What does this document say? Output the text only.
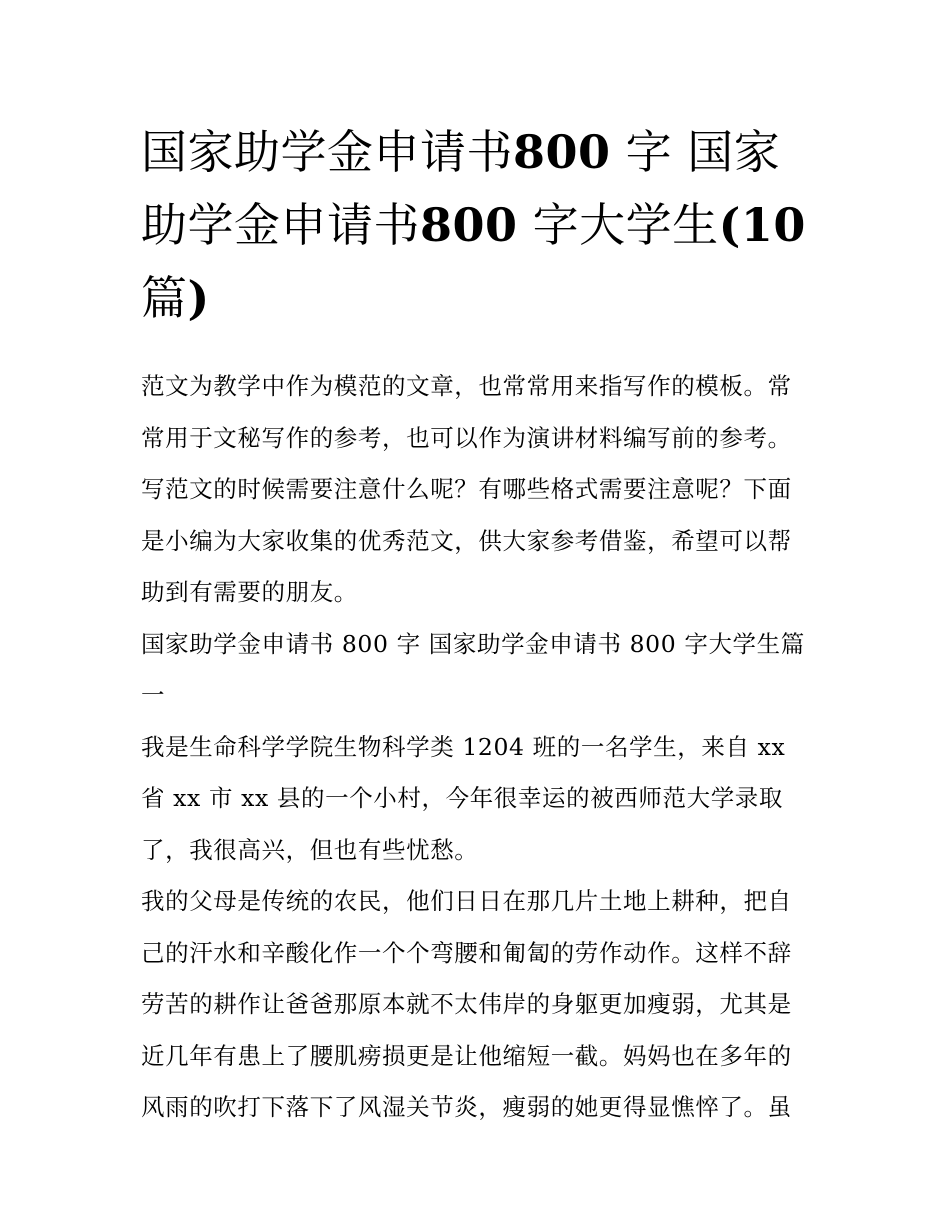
国家助学金申请书800 字 国家助学金申请书800 字大学生(10
篇)

范文为教学中作为模范的文章，也常常用来指写作的模板。常常用于文秘写作的参考，也可以作为演讲材料编写前的参考。写范文的时候需要注意什么呢？有哪些格式需要注意呢？下面是小编为大家收集的优秀范文，供大家参考借鉴，希望可以帮助到有需要的朋友。

国家助学金申请书 800 字 国家助学金申请书 800 字大学生篇一

我是生命科学学院生物科学类 1204 班的一名学生，来自 xx 省 xx 市 xx 县的一个小村，今年很幸运的被西师范大学录取了，我很高兴，但也有些忧愁。

我的父母是传统的农民，他们日日在那几片土地上耕种，把自己的汗水和辛酸化作一个个弯腰和匍匐的劳作动作。这样不辞劳苦的耕作让爸爸那原本就不太伟岸的身躯更加瘦弱，尤其是近几年有患上了腰肌痨损更是让他缩短一截。妈妈也在多年的风雨的吹打下落下了风湿关节炎，瘦弱的她更得显憔悴了。虽
